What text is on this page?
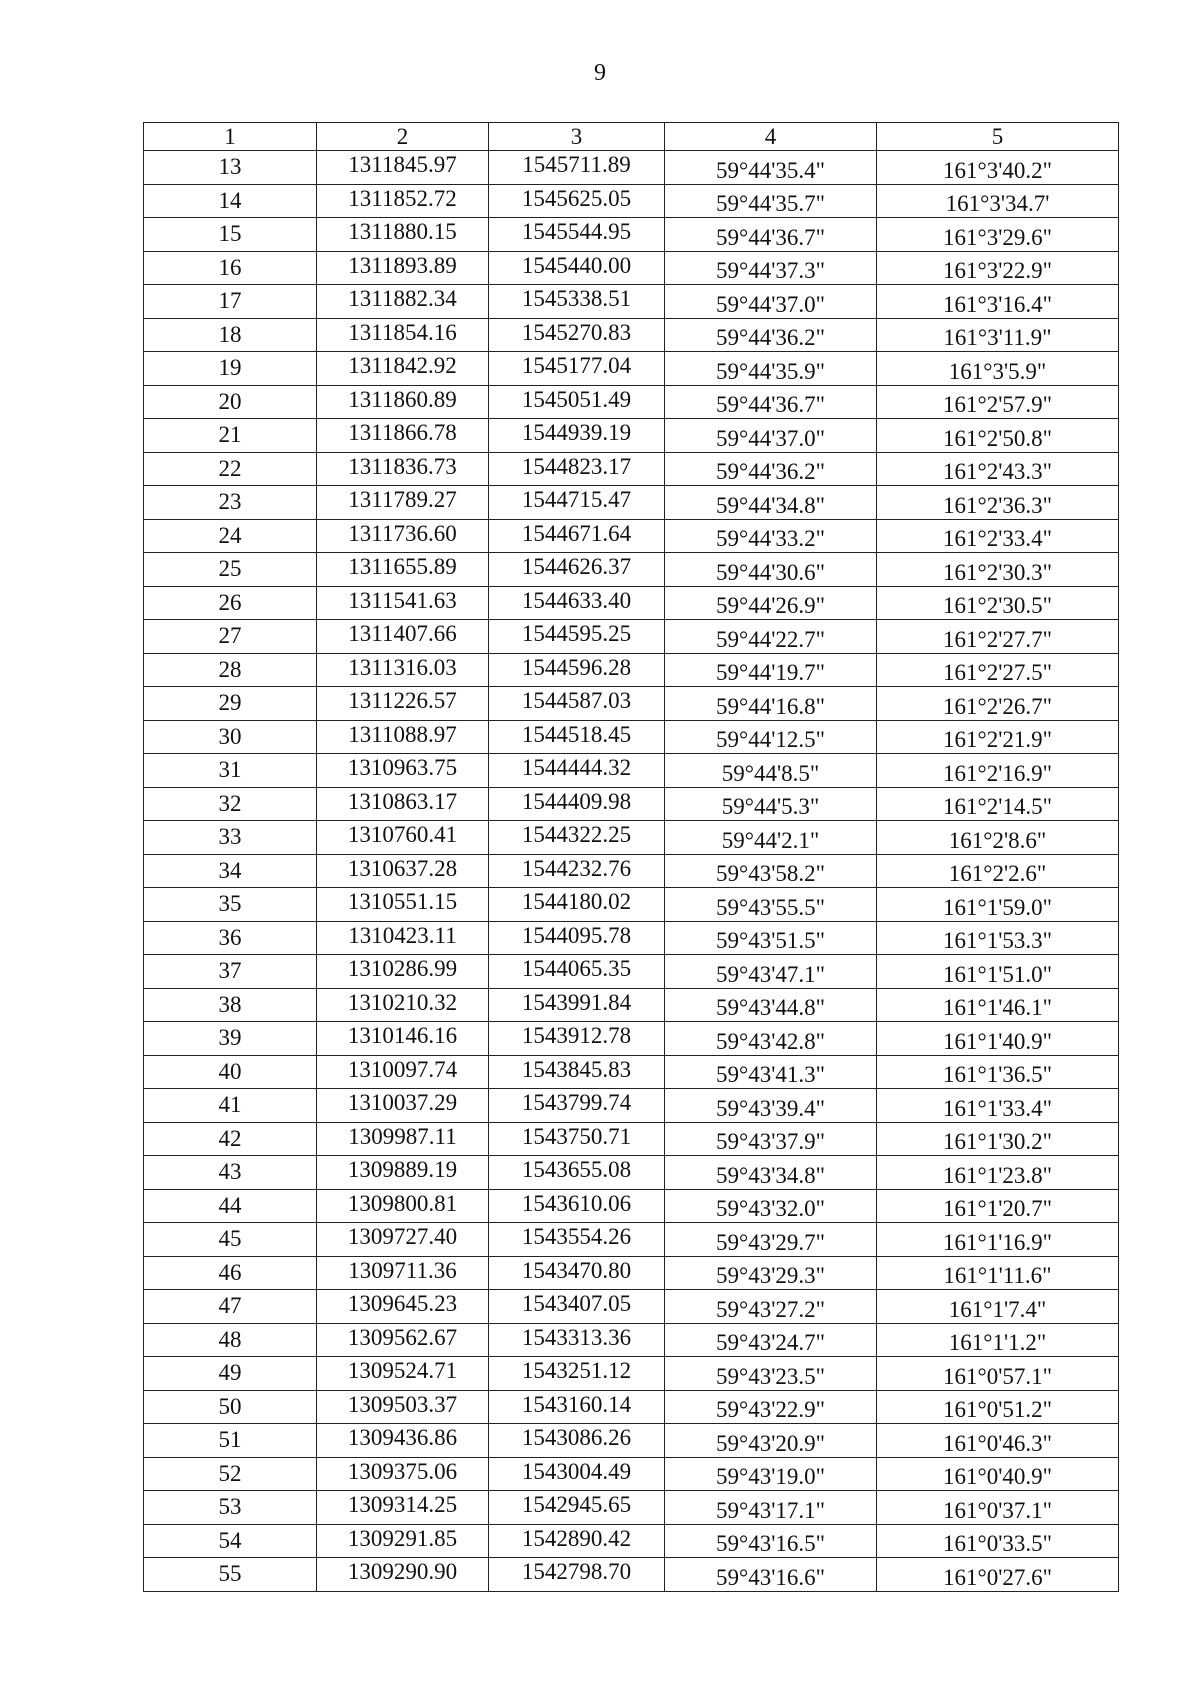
9
1	2	3	4	5
13	1311845.97	1545711.89	59°44'35.4"	161°3'40.2"
14	1311852.72	1545625.05	59°44'35.7"	161°3'34.7'
15	1311880.15	1545544.95	59°44'36.7"	161°3'29.6"
16	1311893.89	1545440.00	59°44'37.3"	161°3'22.9"
17	1311882.34	1545338.51	59°44'37.0"	161°3'16.4"
18	1311854.16	1545270.83	59°44'36.2"	161°3'11.9"
19	1311842.92	1545177.04	59°44'35.9"	161°3'5.9"
20	1311860.89	1545051.49	59°44'36.7"	161°2'57.9"
21	1311866.78	1544939.19	59°44'37.0"	161°2'50.8"
22	1311836.73	1544823.17	59°44'36.2"	161°2'43.3"
23	1311789.27	1544715.47	59°44'34.8"	161°2'36.3"
24	1311736.60	1544671.64	59°44'33.2"	161°2'33.4"
25	1311655.89	1544626.37	59°44'30.6"	161°2'30.3"
26	1311541.63	1544633.40	59°44'26.9"	161°2'30.5"
27	1311407.66	1544595.25	59°44'22.7"	161°2'27.7"
28	1311316.03	1544596.28	59°44'19.7"	161°2'27.5"
29	1311226.57	1544587.03	59°44'16.8"	161°2'26.7"
30	1311088.97	1544518.45	59°44'12.5"	161°2'21.9"
31	1310963.75	1544444.32	59°44'8.5"	161°2'16.9"
32	1310863.17	1544409.98	59°44'5.3"	161°2'14.5"
33	1310760.41	1544322.25	59°44'2.1"	161°2'8.6"
34	1310637.28	1544232.76	59°43'58.2"	161°2'2.6"
35	1310551.15	1544180.02	59°43'55.5"	161°1'59.0"
36	1310423.11	1544095.78	59°43'51.5"	161°1'53.3"
37	1310286.99	1544065.35	59°43'47.1"	161°1'51.0"
38	1310210.32	1543991.84	59°43'44.8"	161°1'46.1"
39	1310146.16	1543912.78	59°43'42.8"	161°1'40.9"
40	1310097.74	1543845.83	59°43'41.3"	161°1'36.5"
41	1310037.29	1543799.74	59°43'39.4"	161°1'33.4"
42	1309987.11	1543750.71	59°43'37.9"	161°1'30.2"
43	1309889.19	1543655.08	59°43'34.8"	161°1'23.8"
44	1309800.81	1543610.06	59°43'32.0"	161°1'20.7"
45	1309727.40	1543554.26	59°43'29.7"	161°1'16.9"
46	1309711.36	1543470.80	59°43'29.3"	161°1'11.6"
47	1309645.23	1543407.05	59°43'27.2"	161°1'7.4"
48	1309562.67	1543313.36	59°43'24.7"	161°1'1.2"
49	1309524.71	1543251.12	59°43'23.5"	161°0'57.1"
50	1309503.37	1543160.14	59°43'22.9"	161°0'51.2"
51	1309436.86	1543086.26	59°43'20.9"	161°0'46.3"
52	1309375.06	1543004.49	59°43'19.0"	161°0'40.9"
53	1309314.25	1542945.65	59°43'17.1"	161°0'37.1"
54	1309291.85	1542890.42	59°43'16.5"	161°0'33.5"
55	1309290.90	1542798.70	59°43'16.6"	161°0'27.6"
